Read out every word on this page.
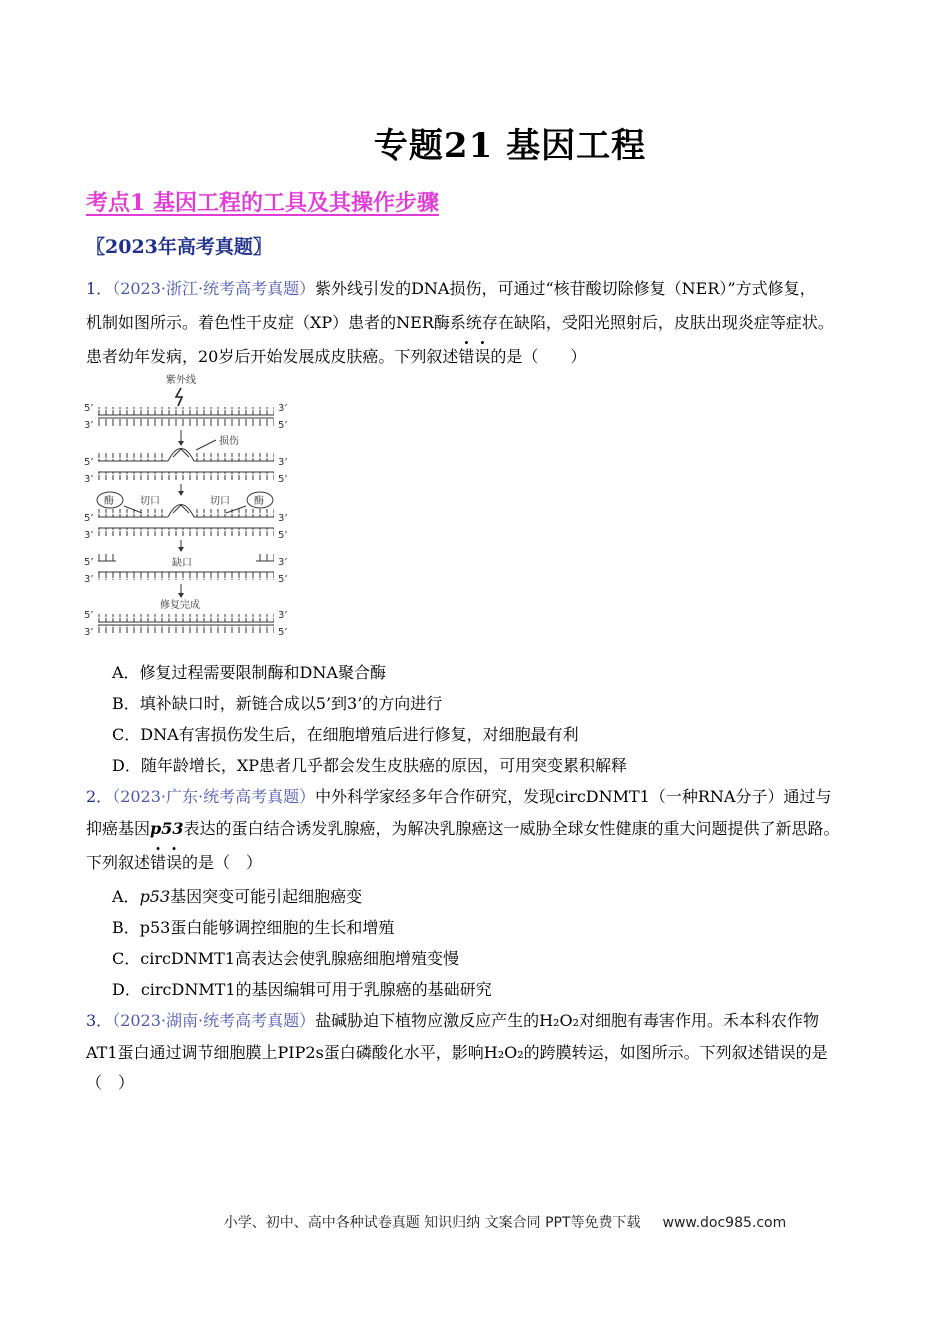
专题21 基因工程
考点1 基因工程的工具及其操作步骤
〖2023年高考真题〗
1．（2023·浙江·统考高考真题）紫外线引发的DNA损伤，可通过“核苷酸切除修复（NER）”方式修复，
机制如图所示。着色性干皮症（XP）患者的NER酶系统存在缺陷，受阳光照射后，皮肤出现炎症等症状。
患者幼年发病，20岁后开始发展成皮肤癌。下列叙述错误的是（　　）
紫外线
5’
3’
3’
5’
5’
3’
3’
5’
损伤
酶	酶
切口	切口
5’
3’
3’
5’
5’
3’
3’
5’
缺口
修复完成
5’
3’
3’
5’
A．修复过程需要限制酶和DNA聚合酶
B．填补缺口时，新链合成以5’到3’的方向进行
C．DNA有害损伤发生后，在细胞增殖后进行修复，对细胞最有利
D．随年龄增长，XP患者几乎都会发生皮肤癌的原因，可用突变累积解释
2．（2023·广东·统考高考真题）中外科学家经多年合作研究，发现circDNMT1（一种RNA分子）通过与
抑癌基因p53表达的蛋白结合诱发乳腺癌，为解决乳腺癌这一威胁全球女性健康的重大问题提供了新思路。
下列叙述错误的是（　）
A．p53基因突变可能引起细胞癌变
B．p53蛋白能够调控细胞的生长和增殖
C．circDNMT1高表达会使乳腺癌细胞增殖变慢
D．circDNMT1的基因编辑可用于乳腺癌的基础研究
3．（2023·湖南·统考高考真题）盐碱胁迫下植物应激反应产生的H₂O₂对细胞有毒害作用。禾本科农作物
AT1蛋白通过调节细胞膜上PIP2s蛋白磷酸化水平，影响H₂O₂的跨膜转运，如图所示。下列叙述错误的是
（　）
小学、初中、高中各种试卷真题 知识归纳 文案合同 PPT等免费下载 www.doc985.com
